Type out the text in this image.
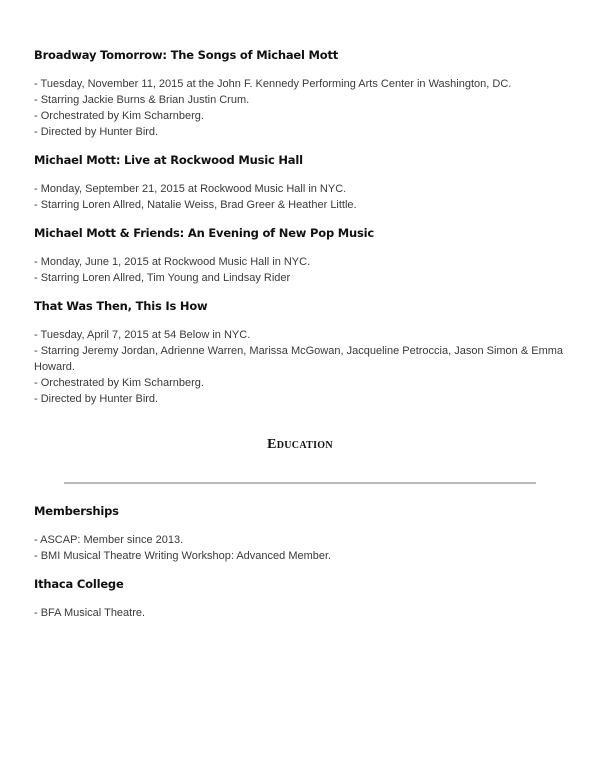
Broadway Tomorrow: The Songs of Michael Mott
- Tuesday, November 11, 2015 at the John F. Kennedy Performing Arts Center in Washington, DC.
- Starring Jackie Burns & Brian Justin Crum.
- Orchestrated by Kim Scharnberg.
- Directed by Hunter Bird.
Michael Mott: Live at Rockwood Music Hall
- Monday, September 21, 2015 at Rockwood Music Hall in NYC.
- Starring Loren Allred, Natalie Weiss, Brad Greer & Heather Little.
Michael Mott & Friends: An Evening of New Pop Music
- Monday, June 1, 2015 at Rockwood Music Hall in NYC.
- Starring Loren Allred, Tim Young and Lindsay Rider
That Was Then, This Is How
- Tuesday, April 7, 2015 at 54 Below in NYC.
- Starring Jeremy Jordan, Adrienne Warren, Marissa McGowan, Jacqueline Petroccia, Jason Simon & Emma Howard.
- Orchestrated by Kim Scharnberg.
- Directed by Hunter Bird.
Education
Memberships
- ASCAP: Member since 2013.
- BMI Musical Theatre Writing Workshop: Advanced Member.
Ithaca College
- BFA Musical Theatre.
